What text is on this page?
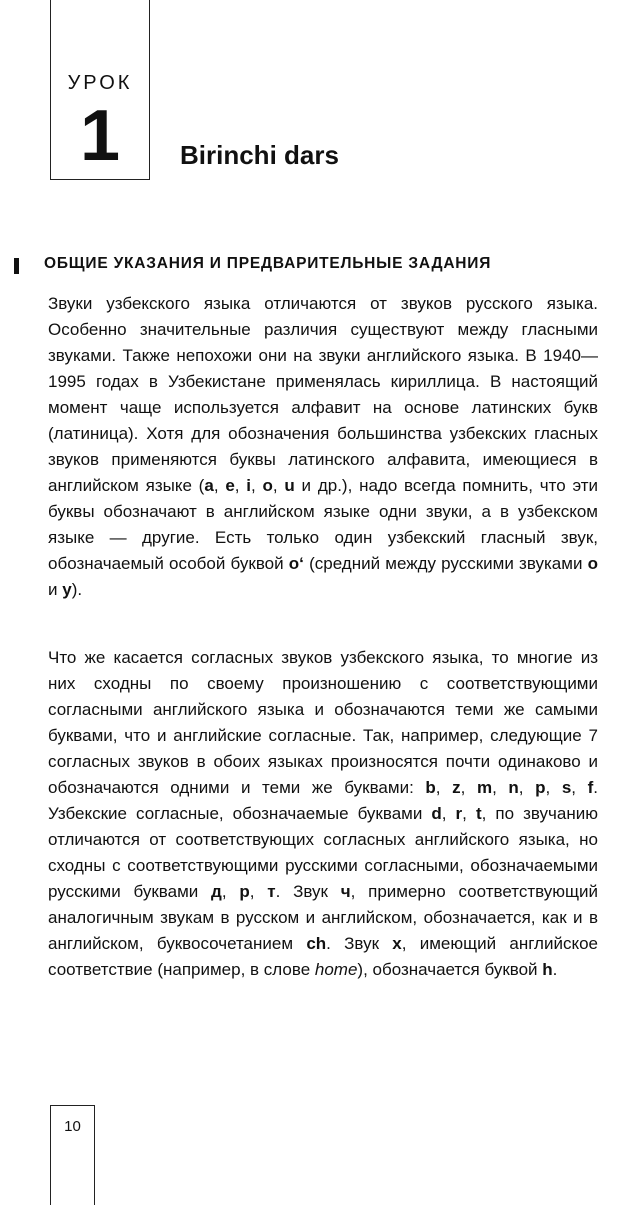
УРОК
1	Birinchi dars
ОБЩИЕ УКАЗАНИЯ И ПРЕДВАРИТЕЛЬНЫЕ ЗАДАНИЯ

Звуки узбекского языка отличаются от звуков русского языка. Особенно значительные различия существуют между гласными звуками. Также непохожи они на звуки английского языка. В 1940—1995 годах в Узбекистане применялась кириллица. В настоящий момент чаще используется алфавит на основе латинских букв (латиница). Хотя для обозначения большинства узбекских гласных звуков применяются буквы латинского алфавита, имеющиеся в английском языке (a, e, i, o, u и др.), надо всегда помнить, что эти буквы обозначают в английском языке одни звуки, а в узбекском языке — другие. Есть только один узбекский гласный звук, обозначаемый особой буквой o‘ (средний между русскими звуками о и у).

Что же касается согласных звуков узбекского языка, то многие из них сходны по своему произношению с соответствующими согласными английского языка и обозначаются теми же самыми буквами, что и английские согласные. Так, например, следующие 7 согласных звуков в обоих языках произносятся почти одинаково и обозначаются одними и теми же буквами: b, z, m, n, p, s, f. Узбекские согласные, обозначаемые буквами d, r, t, по звучанию отличаются от соответствующих согласных английского языка, но сходны с соответствующими русскими согласными, обозначаемыми русскими буквами д, р, т. Звук ч, примерно соответствующий аналогичным звукам в русском и английском, обозначается, как и в английском, буквосочетанием ch. Звук х, имеющий английское соответствие (например, в слове home), обозначается буквой h.

10
